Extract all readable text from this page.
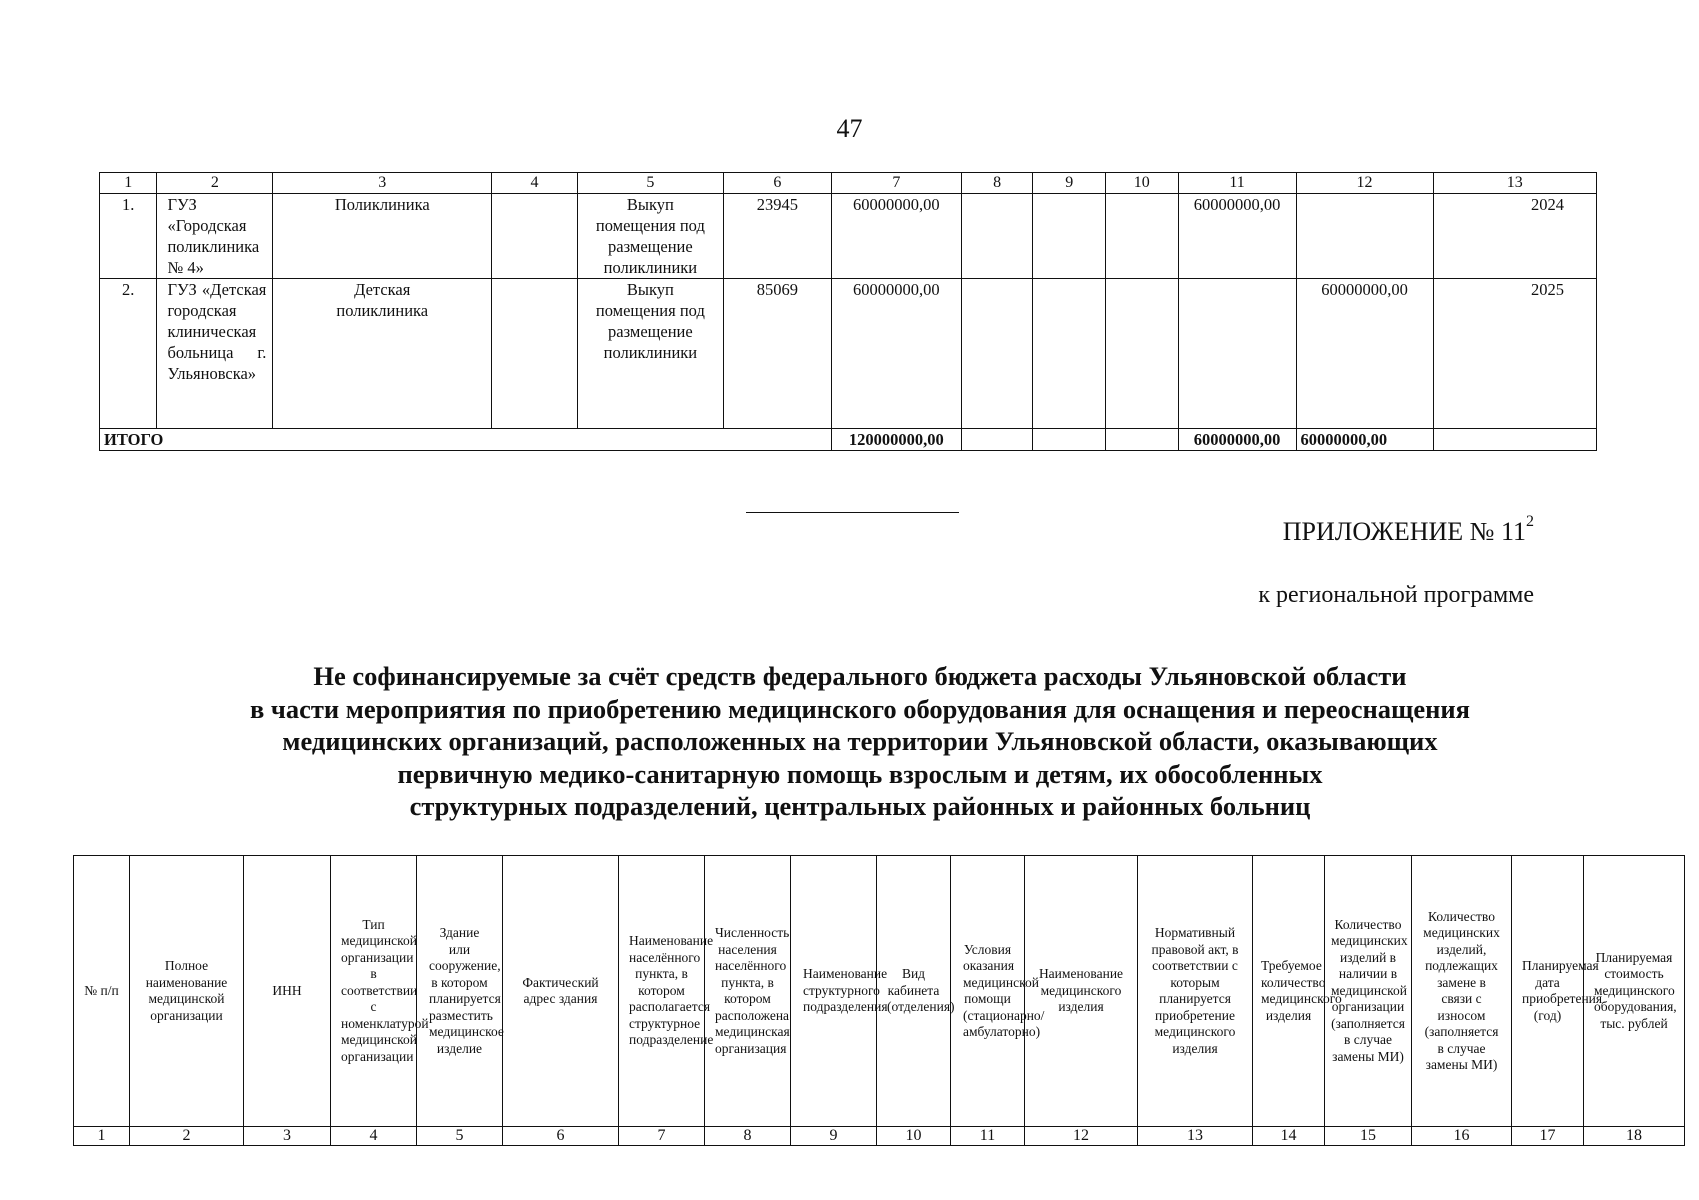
47
1	2	3	4	5	6	7	8	9	10	11	12	13
1.	ГУЗ «Городская поликлиника № 4»	Поликлиника		Выкуп помещения под размещение поликлиники	23945	60000000,00				60000000,00		2024
2.	ГУЗ «Детская городская клиническая больница г. Ульяновска»	Детская поликлиника		Выкуп помещения под размещение поликлиники	85069	60000000,00					60000000,00	2025
ИТОГО						120000000,00				60000000,00	60000000,00	
ПРИЛОЖЕНИЕ № $11^2$
к региональной программе
Не софинансируемые за счёт средств федерального бюджета расходы Ульяновской области
в части мероприятия по приобретению медицинского оборудования для оснащения и переоснащения
медицинских организаций, расположенных на территории Ульяновской области, оказывающих
первичную медико-санитарную помощь взрослым и детям, их обособленных
структурных подразделений, центральных районных и районных больниц
№ п/п	Полное наименование медицинской организации	ИНН	Тип медицинской организации в соответствии с номенклатурой медицинской организации	Здание или сооружение, в котором планируется разместить медицинское изделие	Фактический адрес здания	Наименование населённого пункта, в котором располагается структурное подразделение	Численность населения населённого пункта, в котором расположена медицинская организация	Наименование структурного подразделения	Вид кабинета (отделения)	Условия оказания медицинской помощи (стационарно/амбулаторно)	Наименование медицинского изделия	Нормативный правовой акт, в соответствии с которым планируется приобретение медицинского изделия	Требуемое количество медицинского изделия	Количество медицинских изделий в наличии в медицинской организации (заполняется в случае замены МИ)	Количество медицинских изделий, подлежащих замене в связи с износом (заполняется в случае замены МИ)	Планируемая дата приобретения (год)	Планируемая стоимость медицинского оборудования, тыс. рублей
1	2	3	4	5	6	7	8	9	10	11	12	13	14	15	16	17	18
